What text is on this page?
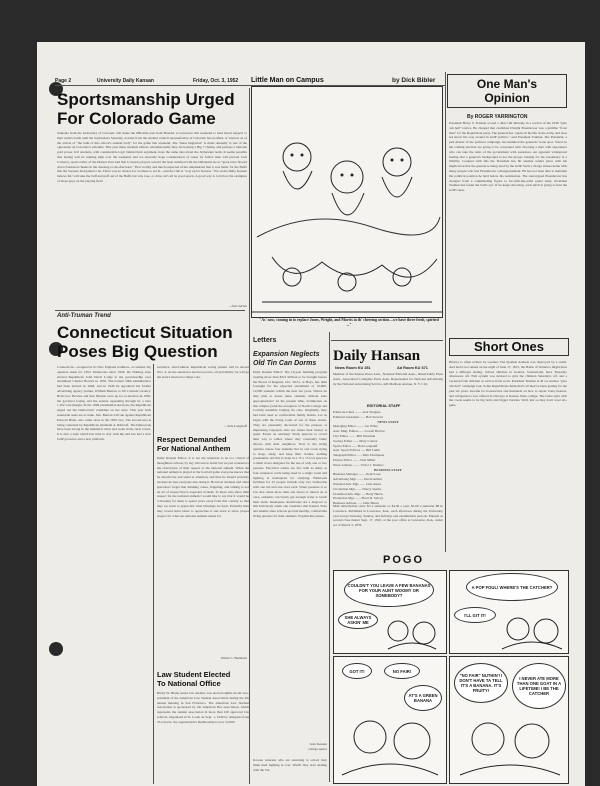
Page 2	University Daily Kansan	Friday, Oct. 3, 1952
Sportsmanship Urged
For Colorado Game
Students from the University of Colorado will make the 600-mile trek from Boulder to Lawrence this weekend to lend moral support to their team's battle with the Jayhawkers Saturday. A letter from the student council representative of Colorado has notified, or warned, us of the arrival of "the bulk of this school's student body" for the game this weekend. The "mass migration" is made annually to one of the opponents on Colorado's schedule. This year these students believe wholeheartedly they are hosting a Big 7 champ, and perhaps a national gold power. KU students, with considerable logic behind their argument, have the same idea about the Jayhawker team. It seems possible that feeling will be running high over the weekend, and we sincerely hope consideration of cause for fellow man will prevail. Jack Carberry, sports editor of the Denver Post said that Colorado players weren't the least satisfied with the Oklahoma tie as "great tears flowed down frustrated cheeks in the dressing room afterward." That worthy and much respected writer emphasized that it was better for the Buffs that the Sooners had gained a tie. There was no chance for coolness to set in—and the club is "way up for Kansas." We on the Daily Kansan believe KU will take the buff and puff out of the Buffs but win, lose, or draw, let's all be good sports. A good way is to follow the examples of those guys on the playing field.
—Don Sarten
Little Man on Campus	by Dick Bibler
"As' now, coming in to replace Jones, Wright, and Morris in th' cheering section—we have three fresh, spirited ..."
One Man's
Opinion
By ROGER YARRINGTON
President Harry S. Truman scored a direct hit Monday in a revival of his 1948 "give 'em hell" tactics. He charged that candidate Dwight Eisenhower was a gullible "front man" for the Republican party. The general has "spent all his life in the Army and does not know his way around in GOP politics," said President Truman. The President, a past-master of the political campaign, has thumbed the general's worst spot. Voters in the coming election are going to be concerned with choosing a man with experience who can take the reins of the government with assurance. An apparent widespread feeling that a general's background is not the proper training for the presidency is a liability. Coupled with this the President has hit another tender place with his implication that the general is being used by the GOP. Such a charge strikes home with many people who feel Eisenhower a disappointment. He has not been able to maintain the political position he held before his nomination. The stereotyped Eisenhower has changed from a commanding figure to far-with-the-wind grand army. President Truman has found the bull's eye. If he keeps throwing, each pitch is going to hurt the GOP cause.
Anti-Truman Trend
Connecticut Situation
Poses Big Question
Connecticut—wrapped in its New England tradition—is another big question mark for 1952. Democrats since 1936, the Nutmeg state elected Republican John Davis Lodge to the governorship over incumbent Chester Bowles in 1950. The bolters' OPA administrator had been elected in 1948, and in 1949 he appointed his former advertising agency partner, William Benton, to fill a Senate vacancy. Both Gov. Bowles and Sen. Benton were up for re-election in 1950, the governor losing, and the senator squeaking through by a bare 1,102 vote margin. In the 1948 presidential elections, the Republican edged out the Democratic candidate on the state. This year both senatorial seats are at stake. Sen. Benton will run against Republican Prescott Bush, who came close in the 1950 race. The second seat is being contested by Republican Abraham A. Ribicoff. The Democrats have been strong in the industrial cities and weak in the rural towns. It is also a state which has tried to stay with Ike and has had a new GOP governor and a new platform.
servative, anti-Truman, Republican voting pattern will be shown Nov. 4. As the senatorial election proves, all probability we will go the state's electoral college vote.
—Jack Langstaff
Respect Demanded
For National Anthem
Daily Kansan Editor: It is not my intention to be too critical of thoughtless actions, by any who know better but we just returned to the observance of their respect to the national anthem. When the national anthem is played at the football game everyone knows that he should rise and stand at attention, and then he should probably because he sees everyone else doing it. However students and other spectators forget that drinking cokes, fidgeting, and talking is not an act of respect that is expected of them. To those who show little respect for the national anthem I would like to say that it would be a blessing for them to spend years away from this country so that they too learn to appreciate what blessings we have. Probably then they would learn better to appreciate it and learn to show proper respect for what our national anthem stands for.
Walter C. Burkholz
Law Student Elected
To National Office
Henry W. Blum, senior law student, was elected eighth circuit vice-president of the American Law Student Association during the 4th annual meeting in San Francisco. The American Law Student association is sponsored by the American Bar association, which represents the student association in more than 100 approved law schools. Organized in St. Louis on Sept. 1, 1949 by delegates from 45 schools, the organization's membership is now 22,000.
Letters
Expansion Neglects
Old Tin Can Dorms
Daily Kansan Editor: The 10-year building program totaling more than $321 million to be brought before the Board of Regents, Oct. 30-31, at Hays, has little foresight for the expected enrollment of 10,000-12,000 students within the next ten years. Where do they plan to house these students without state appropriations? At the present time, dormitories on this campus (with the exception of North College and Corbin) resemble lodging tin cans. Originally, they had been used as comfortable family homes. Let us begin with the living room of one of these dorms. They are pleasantly decorated for the purpose of impressing taxpayers who see where their money is spent. Easier on relaxing? Study purpose to crowd their way to tables where they constantly bump elbows with their neighbors. Now to the living quarters where four students live in one room trying to sleep, study, and keep their clothes, nothing presentable. All this is done in a 15 x 15 foot space in a small closet designed for the use of only one or two persons. Electrical outlets are few with as many as four extension cords being used in a single room and lighting is inadequate for studying. Bathroom facilities for 25 people include only two bathrooms with one tub and one stool each. Water pressure is so low that when more than one faucet is turned on at once, residents can barely get enough water to brush their teeth. Inadequate dormitories are a disgrace to this University when one considers that Kansas State and smaller state schools provide healthy, comfortable living quarters for their students. Explain this please.
Jean Keenan
college senior
Korean veterans who are returning to school may think their fighting is over. Wait'll they start dealing with the VA.
Daily Hansan
News Room KU 251	Ad Room KU 371
Member of the Kansas Press Assn., National Editorial Assn., Inland Daily Press Assn., Associated Collegiate Press Assn. Represented for National Advertising by the National Advertising Service, 420 Madison Avenue, N. Y. City.
EDITORIAL STAFF
Editor-in-Chief ........ Jack Sturgess
Editorial Assistants ...... Bob Stewart
NEWS STAFF
Managing Editor ........ Joe Wiley
Asst. Mng. Editors ..... Lowell Barlow
City Editor ........ Phil Newman
Society Editor ...... Mary Connor
Sports Editor ...... Bob Longstaff
Asst. Sports Editors ..... Bill Lamb
Telegraph Editor ...... Max Thompson
Picture Editor ........ Don Miller
News Adviser ........ Victor J. Danilov
BUSINESS STAFF
Business Manager ........ Pearl Lees
Advertising Mgr. ....... David Arthur
National Adv. Mgr. ...... Chet Akers
Circulation Mgr. ...... Nancy Sparks
Classified Adv. Mgr. .... Betty Harris
Promotion Mgr. ...... Ebert D. Sylvey
Business Adviser ...... Dale Hearn
Mail subscription rates: $3 a semester or $4.50 a year. $5.00 a semester $8 in Lawrence. Published in Lawrence, Kan., each afternoon during the University year except Saturday, Sunday, and holidays and examination periods. Entered as second class matter Sept. 17, 1910, at the post office at Lawrence, Kan., under act of March 3, 1879.
Short Ones
History is often written by weather. The Spanish Armada was destroyed by a storm. And had it not rained on the night of June 17, 1815, the Battle of Waterloo might have had a different ending. School children in Geneva, Switzerland, have Thursday afternoons off. This system was devised to give the children Saturdays off, and a vacation from children as well as from work. President Truman is all on another "give 'em hell" campaign tour. Some Republicans think that's all they've been getting for the past six years. Income for housewives and husbands on how to repair irons, heaters, and refrigerators was offered in Chicago at Kansas State college. The latest style with the coeds seems to be big bolts and bigger buckles. Well, just so they don't wear six-guns.
POGO
COULDN'T YOU LEAVE A FEW BANANAS FOR YOUR AUNT WOOMY OR SOMEBODY?
SHE ALWAYS ASKIN' ME
A POP FOUL! WHERE'S THE CATCHER?
I'LL GIT IT!
GOT IT!	NO FAIR!
AT'S A GREEN BANANA
"NO FAIR" NUTHIN'! I DON'T HAVE TA TELL IT'S A BANANA. IT'S FRUITY!
I NEVER ATE MORE THAN ONE GOAT IN A LIFETIME! I BE THE CATCHER
